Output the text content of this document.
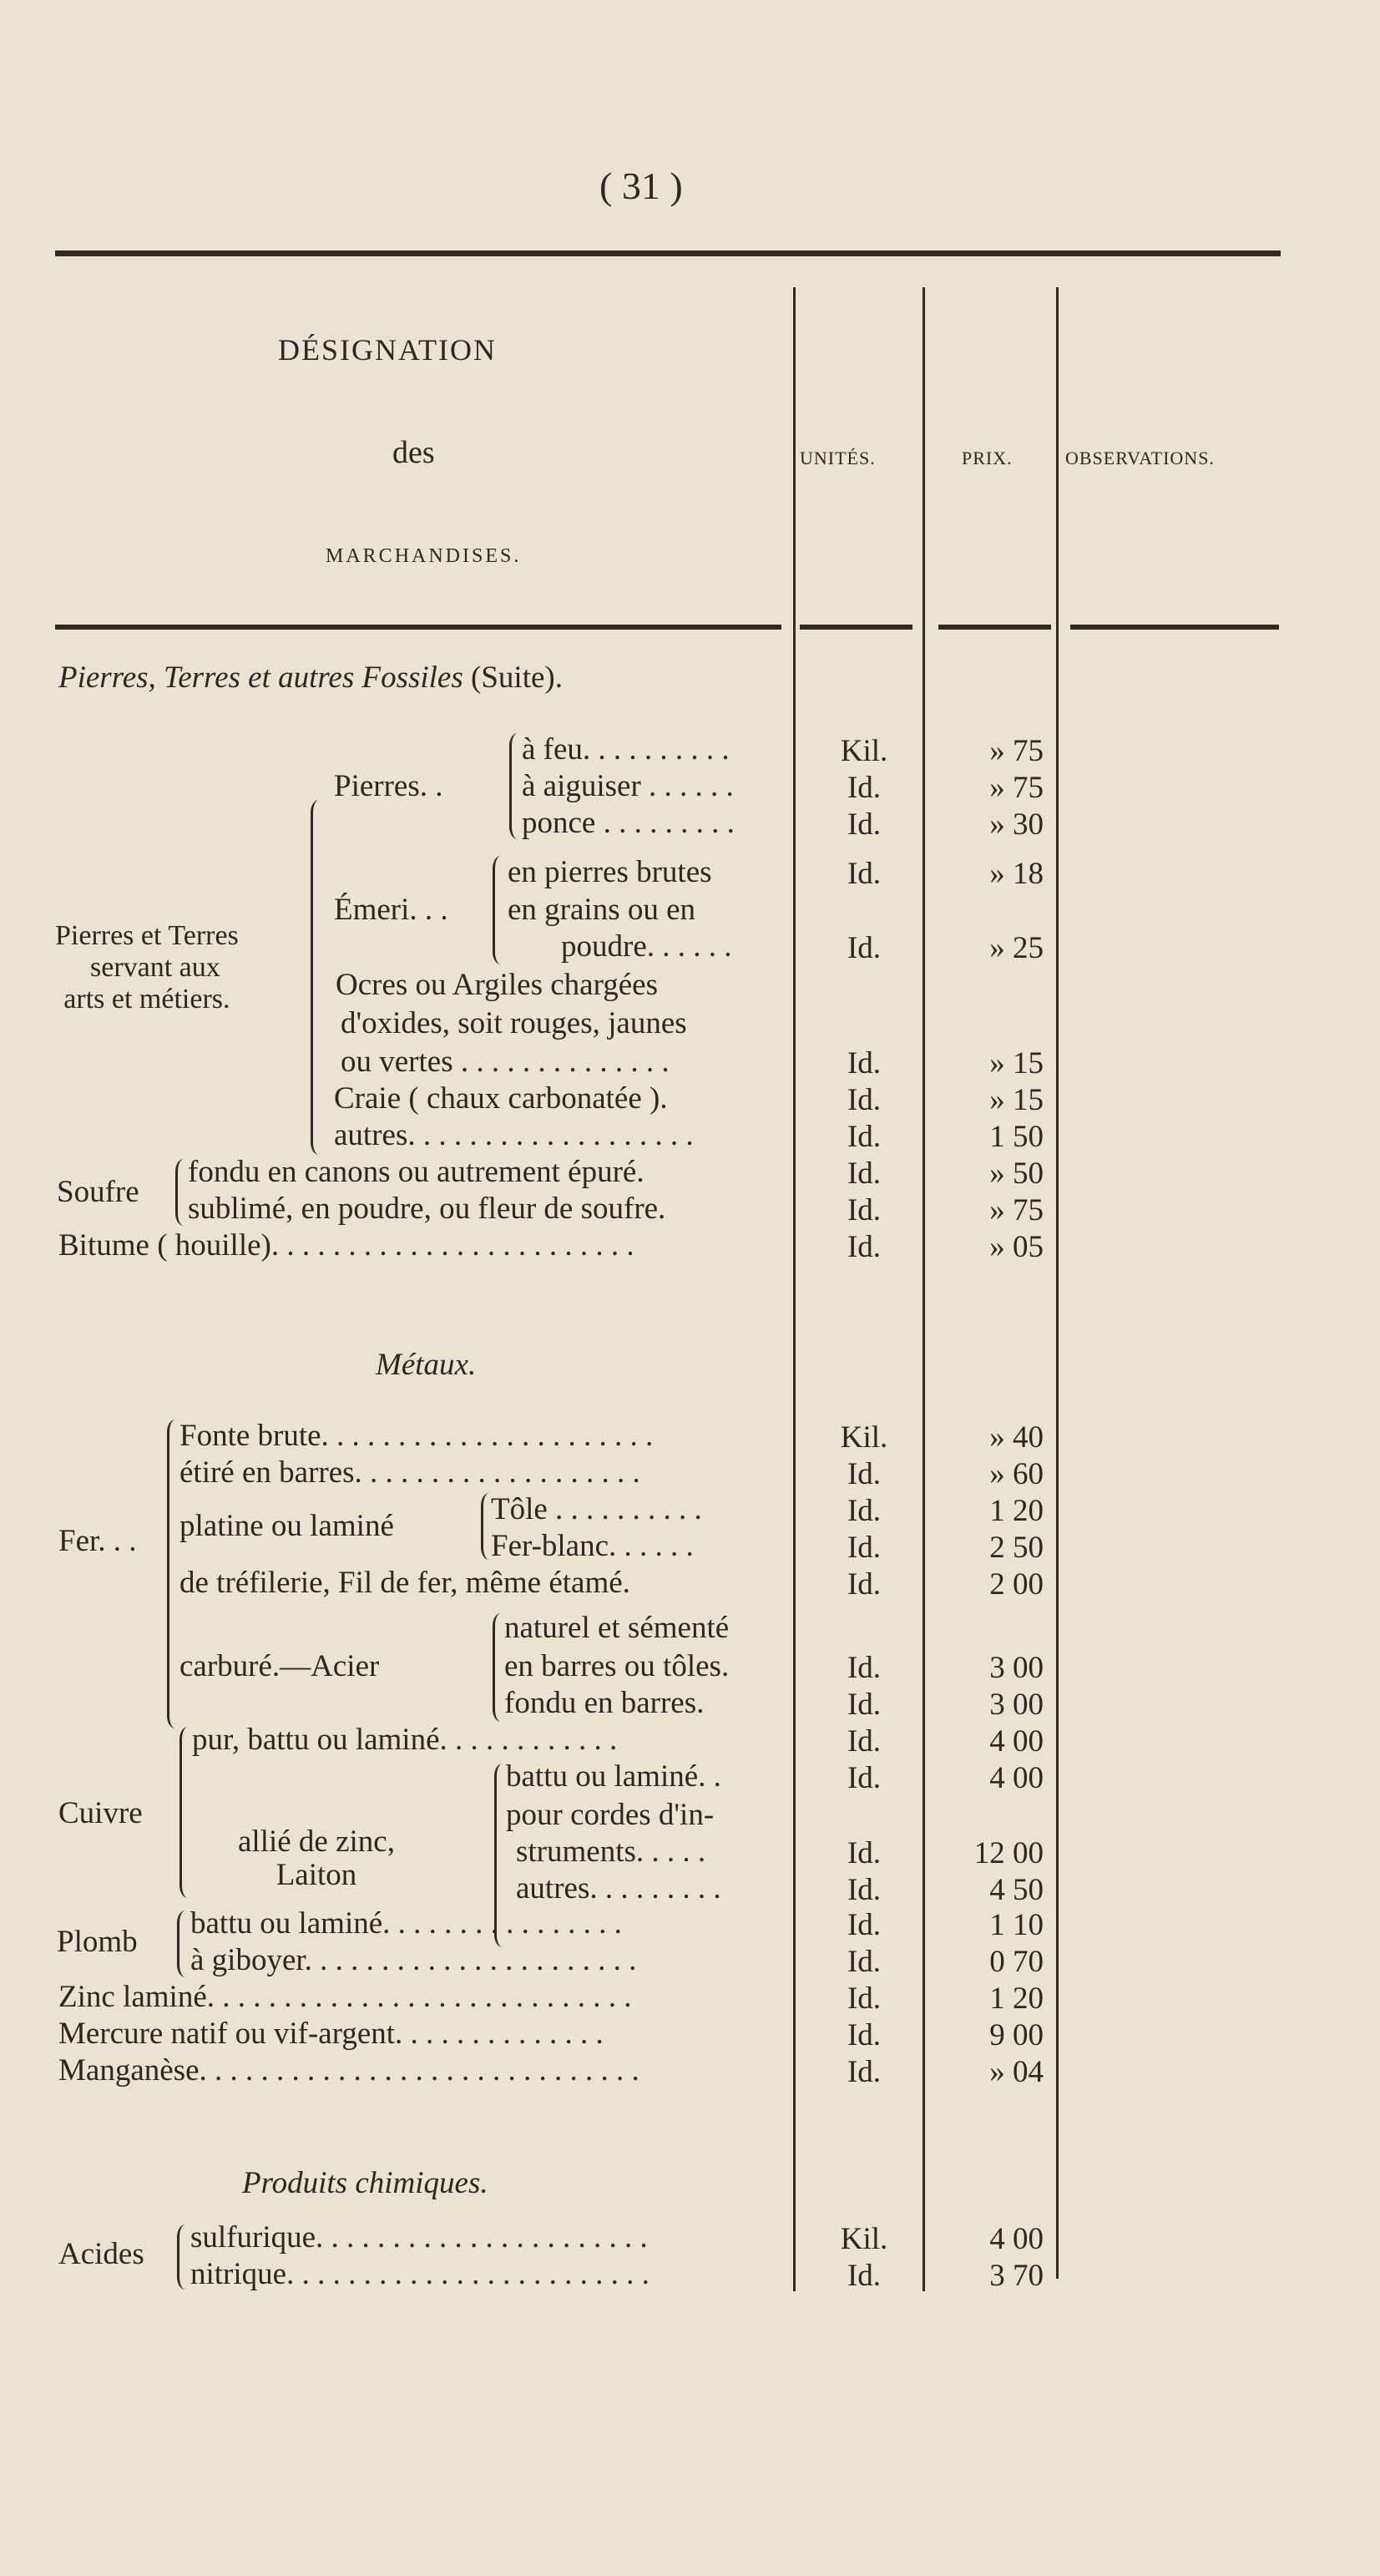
( 31 )
DÉSIGNATION
des
MARCHANDISES.
UNITÉS.	PRIX.	OBSERVATIONS.
Pierres, Terres et autres Fossiles (Suite).
Pierres et Terres
servant aux
arts et métiers.
Pierres. .
Émeri. . .
à feu. . . . . . . . . .	Kil.	» 75
à aiguiser . . . . . .	Id.	» 75
ponce . . . . . . . . .	Id.	» 30
en pierres brutes	Id.	» 18
en grains ou en
poudre. . . . . .	Id.	» 25
Ocres ou Argiles chargées
d'oxides, soit rouges, jaunes
ou vertes . . . . . . . . . . . . . .	Id.	» 15
Craie ( chaux carbonatée ).	Id.	» 15
autres. . . . . . . . . . . . . . . . . . .	Id.	1 50
Soufre
fondu en canons ou autrement épuré.	Id.	» 50
sublimé, en poudre, ou fleur de soufre.	Id.	» 75
Bitume ( houille). . . . . . . . . . . . . . . . . . . . . . . .	Id.	» 05
Métaux.
Fer. . .
Fonte brute. . . . . . . . . . . . . . . . . . . . . .	Kil.	» 40
étiré en barres. . . . . . . . . . . . . . . . . . .	Id.	» 60
platine ou laminé	Tôle . . . . . . . . . .	Id.	1 20
Fer-blanc. . . . . .	Id.	2 50
de tréfilerie, Fil de fer, même étamé.	Id.	2 00
naturel et sémenté
carburé.—Acier	en barres ou tôles.	Id.	3 00
fondu en barres.	Id.	3 00
Cuivre
pur, battu ou laminé. . . . . . . . . . . .	Id.	4 00
allié de zinc,
Laiton
battu ou laminé. .	Id.	4 00
pour cordes d'in-
struments. . . . .	Id.	12 00
autres. . . . . . . . .	Id.	4 50
Plomb
battu ou laminé. . . . . . . . . . . . . . . .	Id.	1 10
à giboyer. . . . . . . . . . . . . . . . . . . . . .	Id.	0 70
Zinc laminé. . . . . . . . . . . . . . . . . . . . . . . . . . . .	Id.	1 20
Mercure natif ou vif-argent. . . . . . . . . . . . . .	Id.	9 00
Manganèse. . . . . . . . . . . . . . . . . . . . . . . . . . . . .	Id.	» 04
Produits chimiques.
Acides sulfurique. . . . . . . . . . . . . . . . . . . . . .	Kil.	4 00
nitrique. . . . . . . . . . . . . . . . . . . . . . . .	Id.	3 70
